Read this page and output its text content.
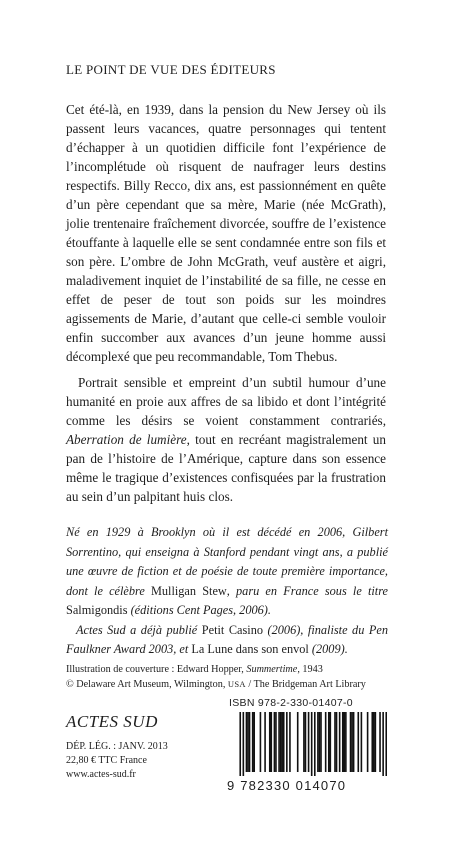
LE POINT DE VUE DES ÉDITEURS

Cet été-là, en 1939, dans la pension du New Jersey où ils passent leurs vacances, quatre personnages qui tentent d’échapper à un quotidien difficile font l’expérience de l’incomplétude où risquent de naufrager leurs destins respectifs. Billy Recco, dix ans, est passionnément en quête d’un père cependant que sa mère, Marie (née McGrath), jolie trentenaire fraîchement divorcée, souffre de l’existence étouffante à laquelle elle se sent condamnée entre son fils et son père. L’ombre de John McGrath, veuf austère et aigri, maladivement inquiet de l’instabilité de sa fille, ne cesse en effet de peser de tout son poids sur les moindres agissements de Marie, d’autant que celle-ci semble vouloir enfin succomber aux avances d’un jeune homme aussi décomplexé que peu recommandable, Tom Thebus.

Portrait sensible et empreint d’un subtil humour d’une humanité en proie aux affres de sa libido et dont l’intégrité comme les désirs se voient constamment contrariés, Aberration de lumière, tout en recréant magistralement un pan de l’histoire de l’Amérique, capture dans son essence même le tragique d’existences confisquées par la frustration au sein d’un palpitant huis clos.

Né en 1929 à Brooklyn où il est décédé en 2006, Gilbert Sorrentino, qui enseigna à Stanford pendant vingt ans, a publié une œuvre de fiction et de poésie de toute première importance, dont le célèbre Mulligan Stew, paru en France sous le titre Salmigondis (éditions Cent Pages, 2006).

Actes Sud a déjà publié Petit Casino (2006), finaliste du Pen Faulkner Award 2003, et La Lune dans son envol (2009).

Illustration de couverture : Edward Hopper, Summertime, 1943
© Delaware Art Museum, Wilmington, USA / The Bridgeman Art Library
ISBN 978-2-330-01407-0
ACTES SUD
DÉP. LÉG. : JANV. 2013
22,80 € TTC France
www.actes-sud.fr
9 782330 014070
